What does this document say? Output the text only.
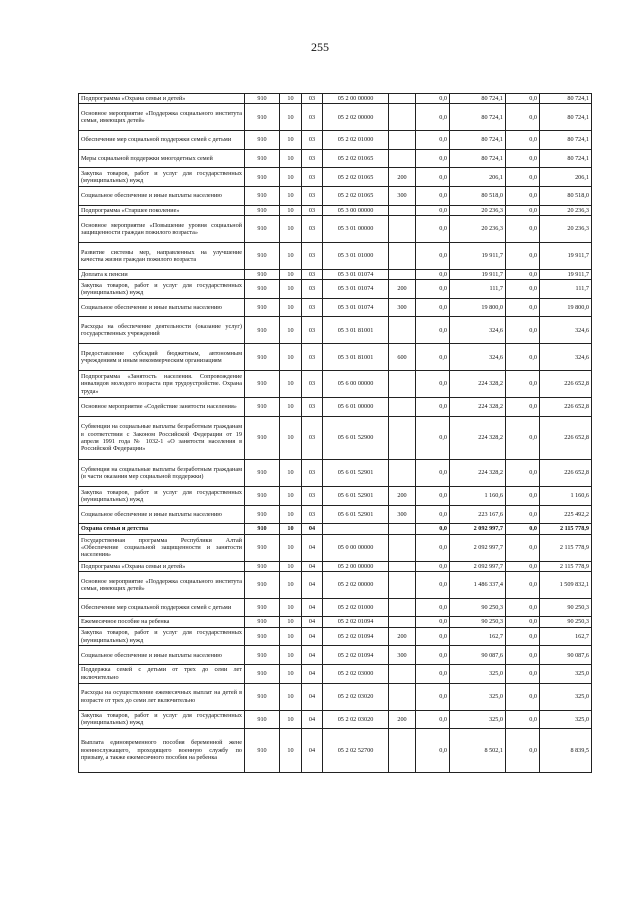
255
Подпрограмма «Охрана семьи и детей»	910	10	03	05 2 00 00000		0,0	80 724,1	0,0	80 724,1
Основное мероприятие «Поддержка социального института семьи, имеющих детей»	910	10	03	05 2 02 00000		0,0	80 724,1	0,0	80 724,1
Обеспечение мер социальной поддержки семей с детьми	910	10	03	05 2 02 01000		0,0	80 724,1	0,0	80 724,1
Меры социальной поддержки многодетных семей	910	10	03	05 2 02 01065		0,0	80 724,1	0,0	80 724,1
Закупка товаров, работ и услуг для государственных (муниципальных) нужд	910	10	03	05 2 02 01065	200	0,0	206,1	0,0	206,1
Социальное обеспечение и иные выплаты населению	910	10	03	05 2 02 01065	300	0,0	80 518,0	0,0	80 518,0
Подпрограмма «Старшее поколение»	910	10	03	05 3 00 00000		0,0	20 236,3	0,0	20 236,3
Основное мероприятие «Повышение уровня социальной защищенности граждан пожилого возраста»	910	10	03	05 3 01 00000		0,0	20 236,3	0,0	20 236,3
Развитие системы мер, направленных на улучшение качества жизни граждан пожилого возраста	910	10	03	05 3 01 01000		0,0	19 911,7	0,0	19 911,7
Доплата к пенсии	910	10	03	05 3 01 01074		0,0	19 911,7	0,0	19 911,7
Закупка товаров, работ и услуг для государственных (муниципальных) нужд	910	10	03	05 3 01 01074	200	0,0	111,7	0,0	111,7
Социальное обеспечение и иные выплаты населению	910	10	03	05 3 01 01074	300	0,0	19 800,0	0,0	19 800,0
Расходы на обеспечение деятельности (оказание услуг) государственных учреждений	910	10	03	05 3 01 81001		0,0	324,6	0,0	324,6
Предоставление субсидий бюджетным, автономным учреждениям и иным некоммерческим организациям	910	10	03	05 3 01 81001	600	0,0	324,6	0,0	324,6
Подпрограмма «Занятость населения. Сопровождение инвалидов молодого возраста при трудоустройстве. Охрана труда»	910	10	03	05 6 00 00000		0,0	224 328,2	0,0	226 652,8
Основное мероприятие «Содействие занятости населения»	910	10	03	05 6 01 00000		0,0	224 328,2	0,0	226 652,8
Субвенции на социальные выплаты безработным гражданам в соответствии с Законом Российской Федерации от 19 апреля 1991 года № 1032-1 «О занятости населения в Российской Федерации»	910	10	03	05 6 01 52900		0,0	224 328,2	0,0	226 652,8
Субвенция на социальные выплаты безработным гражданам (в части оказания мер социальной поддержки)	910	10	03	05 6 01 52901		0,0	224 328,2	0,0	226 652,8
Закупка товаров, работ и услуг для государственных (муниципальных) нужд	910	10	03	05 6 01 52901	200	0,0	1 160,6	0,0	1 160,6
Социальное обеспечение и иные выплаты населению	910	10	03	05 6 01 52901	300	0,0	223 167,6	0,0	225 492,2
Охрана семьи и детства	910	10	04			0,0	2 092 997,7	0,0	2 115 778,9
Государственная программа Республики Алтай «Обеспечение социальной защищенности и занятости населения»	910	10	04	05 0 00 00000		0,0	2 092 997,7	0,0	2 115 778,9
Подпрограмма «Охрана семьи и детей»	910	10	04	05 2 00 00000		0,0	2 092 997,7	0,0	2 115 778,9
Основное мероприятие «Поддержка социального института семьи, имеющих детей»	910	10	04	05 2 02 00000		0,0	1 486 337,4	0,0	1 509 832,1
Обеспечение мер социальной поддержки семей с детьми	910	10	04	05 2 02 01000		0,0	90 250,3	0,0	90 250,3
Ежемесячное пособие на ребенка	910	10	04	05 2 02 01094		0,0	90 250,3	0,0	90 250,3
Закупка товаров, работ и услуг для государственных (муниципальных) нужд	910	10	04	05 2 02 01094	200	0,0	162,7	0,0	162,7
Социальное обеспечение и иные выплаты населению	910	10	04	05 2 02 01094	300	0,0	90 087,6	0,0	90 087,6
Поддержка семей с детьми от трех до семи лет включительно	910	10	04	05 2 02 03000		0,0	325,0	0,0	325,0
Расходы на осуществление ежемесячных выплат на детей в возрасте от трех до семи лет включительно	910	10	04	05 2 02 03020		0,0	325,0	0,0	325,0
Закупка товаров, работ и услуг для государственных (муниципальных) нужд	910	10	04	05 2 02 03020	200	0,0	325,0	0,0	325,0
Выплата единовременного пособия беременной жене военнослужащего, проходящего военную службу по призыву, а также ежемесячного пособия на ребенка	910	10	04	05 2 02 52700		0,0	8 502,1	0,0	8 839,5
